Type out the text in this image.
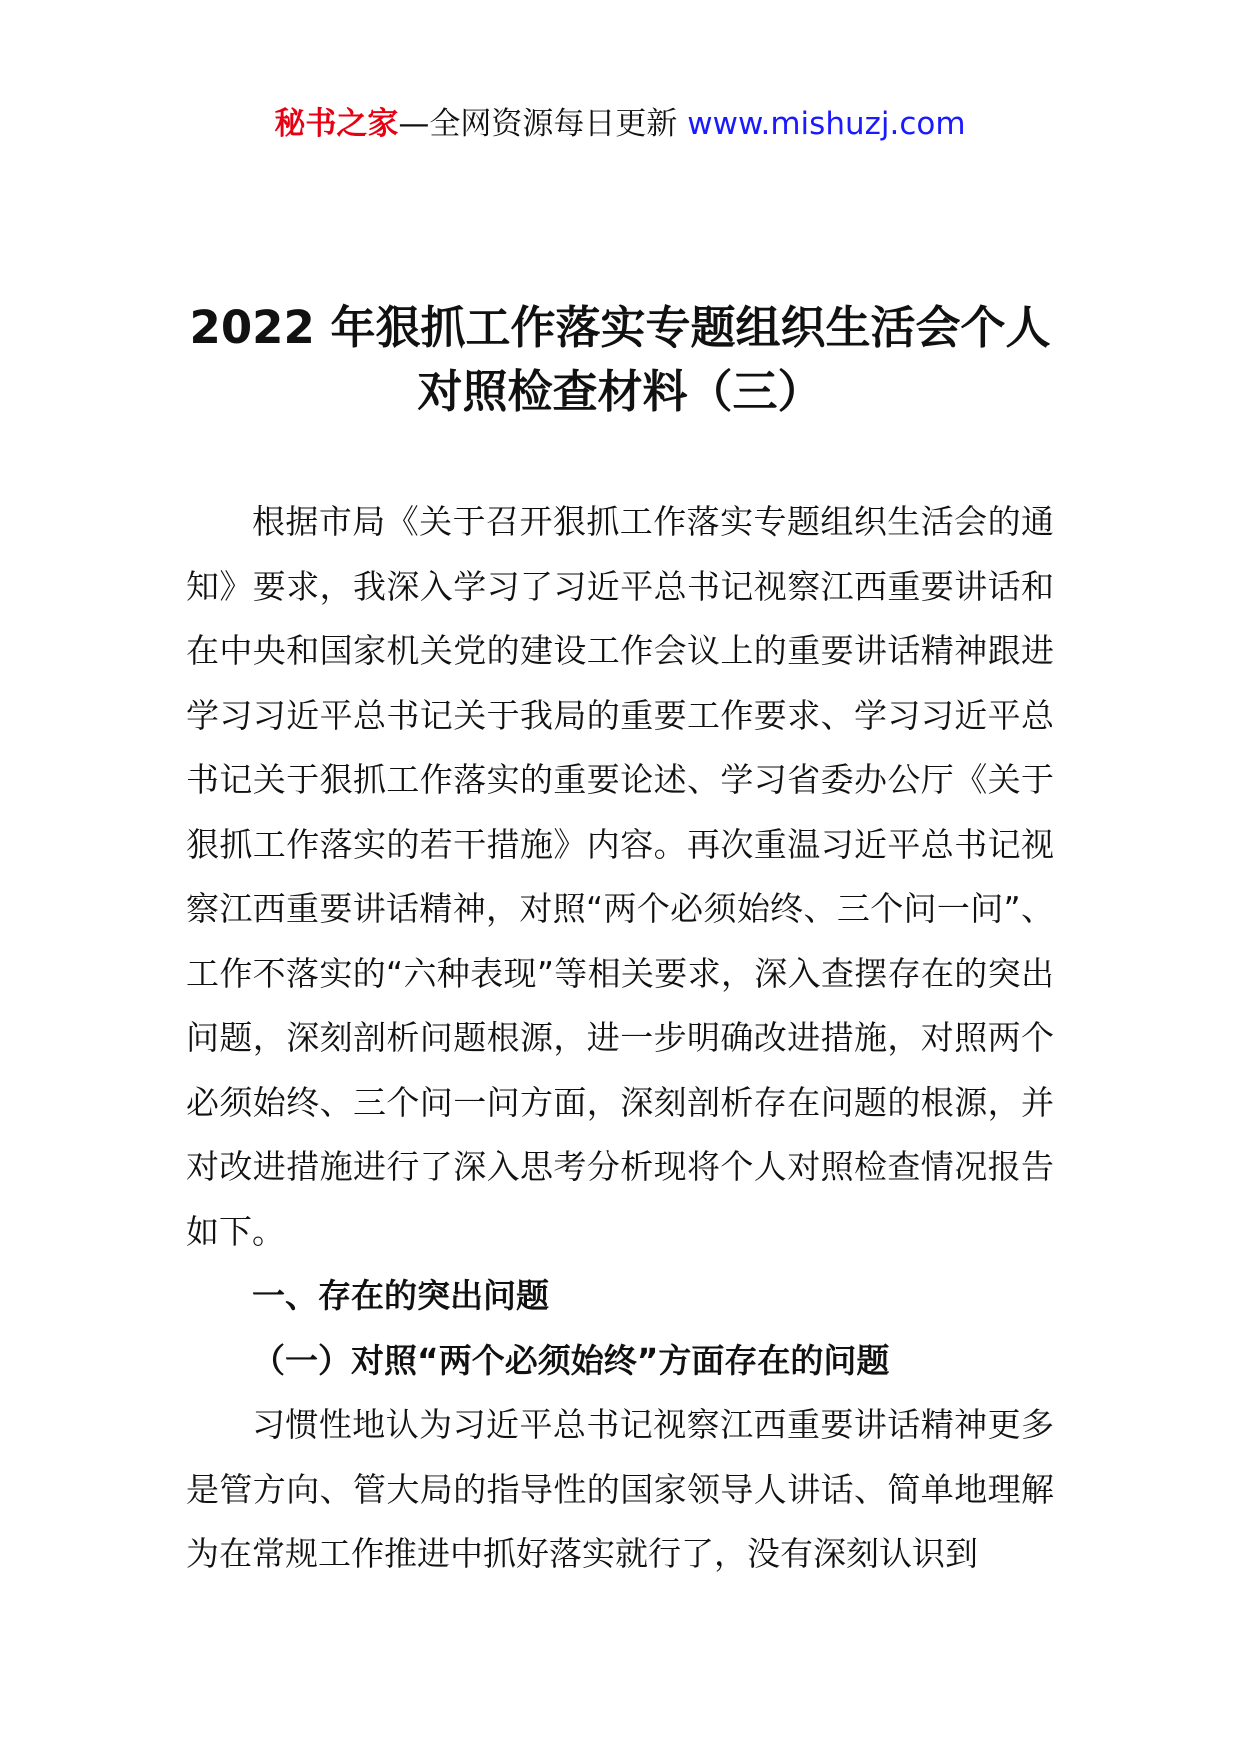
秘书之家—全网资源每日更新 www.mishuzj.com
2022 年狠抓工作落实专题组织生活会个人
对照检查材料（三）

根据市局《关于召开狠抓工作落实专题组织生活会的通知》要求，我深入学习了习近平总书记视察江西重要讲话和在中央和国家机关党的建设工作会议上的重要讲话精神跟进学习习近平总书记关于我局的重要工作要求、学习习近平总书记关于狠抓工作落实的重要论述、学习省委办公厅《关于狠抓工作落实的若干措施》内容。再次重温习近平总书记视察江西重要讲话精神，对照“两个必须始终、三个问一问”、工作不落实的“六种表现”等相关要求，深入查摆存在的突出问题，深刻剖析问题根源，进一步明确改进措施，对照两个必须始终、三个问一问方面，深刻剖析存在问题的根源，并对改进措施进行了深入思考分析现将个人对照检查情况报告如下。

一、存在的突出问题

（一）对照“两个必须始终”方面存在的问题

习惯性地认为习近平总书记视察江西重要讲话精神更多是管方向、管大局的指导性的国家领导人讲话、简单地理解为在常规工作推进中抓好落实就行了，没有深刻认识到
